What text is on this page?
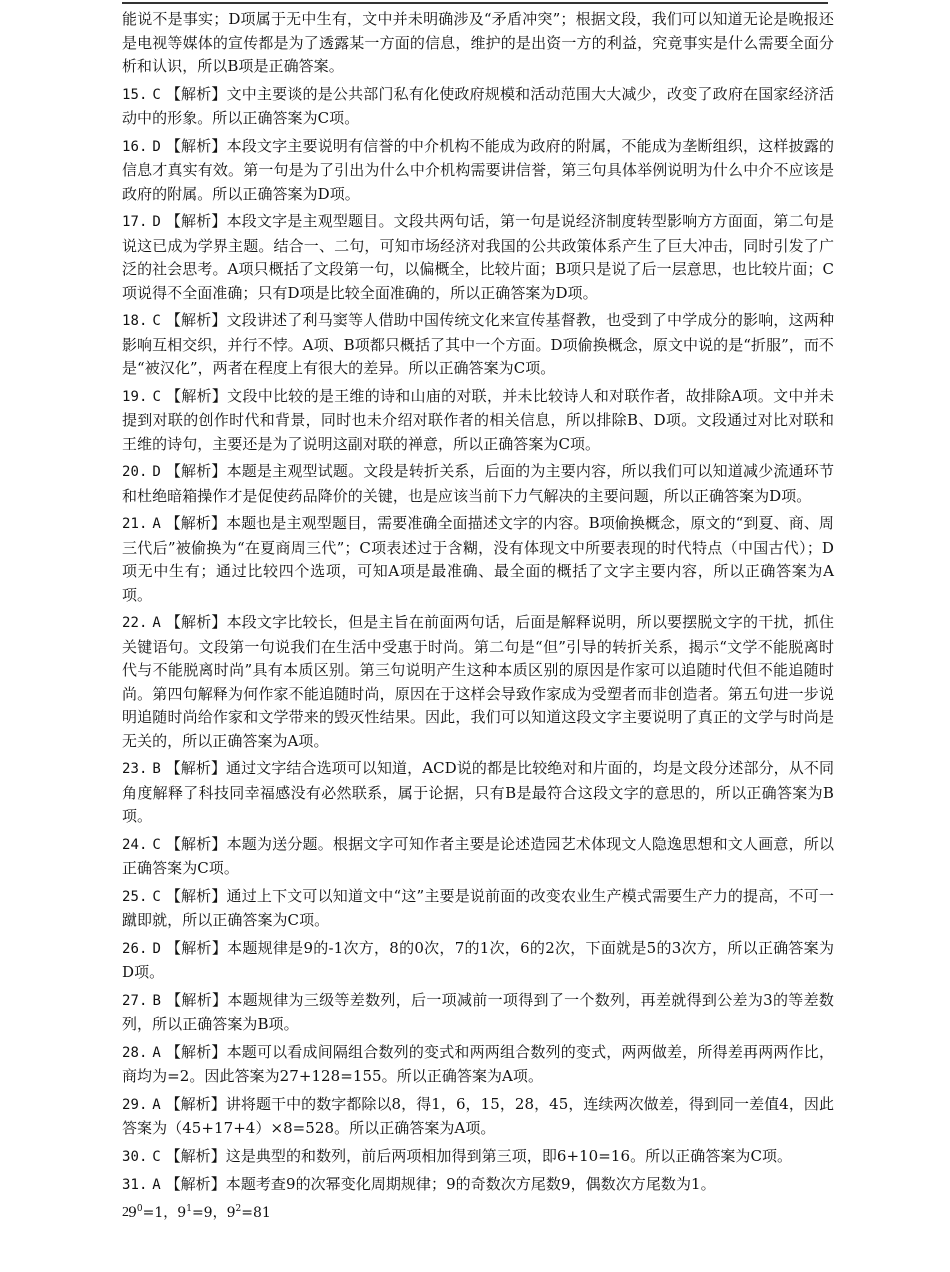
能说不是事实；D项属于无中生有，文中并未明确涉及“矛盾冲突”；根据文段，我们可以知道无论是晚报还是电视等媒体的宣传都是为了透露某一方面的信息，维护的是出资一方的利益，究竟事实是什么需要全面分析和认识，所以B项是正确答案。

15. C 【解析】文中主要谈的是公共部门私有化使政府规模和活动范围大大减少，改变了政府在国家经济活动中的形象。所以正确答案为C项。

16. D 【解析】本段文字主要说明有信誉的中介机构不能成为政府的附属，不能成为垄断组织，这样披露的信息才真实有效。第一句是为了引出为什么中介机构需要讲信誉，第三句具体举例说明为什么中介不应该是政府的附属。所以正确答案为D项。

17. D 【解析】本段文字是主观型题目。文段共两句话，第一句是说经济制度转型影响方方面面，第二句是说这已成为学界主题。结合一、二句，可知市场经济对我国的公共政策体系产生了巨大冲击，同时引发了广泛的社会思考。A项只概括了文段第一句，以偏概全，比较片面；B项只是说了后一层意思，也比较片面；C项说得不全面准确；只有D项是比较全面准确的，所以正确答案为D项。

18. C 【解析】文段讲述了利马窦等人借助中国传统文化来宣传基督教，也受到了中学成分的影响，这两种影响互相交织，并行不悖。A项、B项都只概括了其中一个方面。D项偷换概念，原文中说的是“折服”，而不是“被汉化”，两者在程度上有很大的差异。所以正确答案为C项。

19. C 【解析】文段中比较的是王维的诗和山庙的对联，并未比较诗人和对联作者，故排除A项。文中并未提到对联的创作时代和背景，同时也未介绍对联作者的相关信息，所以排除B、D项。文段通过对比对联和王维的诗句，主要还是为了说明这副对联的禅意，所以正确答案为C项。

20. D 【解析】本题是主观型试题。文段是转折关系，后面的为主要内容，所以我们可以知道减少流通环节和杜绝暗箱操作才是促使药品降价的关键，也是应该当前下力气解决的主要问题，所以正确答案为D项。

21. A 【解析】本题也是主观型题目，需要准确全面描述文字的内容。B项偷换概念，原文的“到夏、商、周三代后”被偷换为“在夏商周三代”；C项表述过于含糊，没有体现文中所要表现的时代特点（中国古代）；D项无中生有；通过比较四个选项，可知A项是最准确、最全面的概括了文字主要内容，所以正确答案为A项。

22. A 【解析】本段文字比较长，但是主旨在前面两句话，后面是解释说明，所以要摆脱文字的干扰，抓住关键语句。文段第一句说我们在生活中受惠于时尚。第二句是“但”引导的转折关系，揭示“文学不能脱离时代与不能脱离时尚”具有本质区别。第三句说明产生这种本质区别的原因是作家可以追随时代但不能追随时尚。第四句解释为何作家不能追随时尚，原因在于这样会导致作家成为受塑者而非创造者。第五句进一步说明追随时尚给作家和文学带来的毁灭性结果。因此，我们可以知道这段文字主要说明了真正的文学与时尚是无关的，所以正确答案为A项。

23. B 【解析】通过文字结合选项可以知道，ACD说的都是比较绝对和片面的，均是文段分述部分，从不同角度解释了科技同幸福感没有必然联系，属于论据，只有B是最符合这段文字的意思的，所以正确答案为B项。

24. C 【解析】本题为送分题。根据文字可知作者主要是论述造园艺术体现文人隐逸思想和文人画意，所以正确答案为C项。

25. C 【解析】通过上下文可以知道文中“这”主要是说前面的改变农业生产模式需要生产力的提高，不可一蹴即就，所以正确答案为C项。

26. D 【解析】本题规律是9的-1次方，8的0次，7的1次，6的2次，下面就是5的3次方，所以正确答案为D项。

27. B 【解析】本题规律为三级等差数列，后一项减前一项得到了一个数列，再差就得到公差为3的等差数列，所以正确答案为B项。

28. A 【解析】本题可以看成间隔组合数列的变式和两两组合数列的变式，两两做差，所得差再两两作比，商均为=2。因此答案为27+128=155。所以正确答案为A项。

29. A 【解析】讲将题干中的数字都除以8，得1，6，15，28，45，连续两次做差，得到同一差值4，因此答案为（45+17+4）×8=528。所以正确答案为A项。

30. C 【解析】这是典型的和数列，前后两项相加得到第三项，即6+10=16。所以正确答案为C项。

31. A 【解析】本题考查9的次幂变化周期规律；9的奇数次方尾数9，偶数次方尾数为1。

$9^0=1$，$9^1=9$，$9^2=81$
2
